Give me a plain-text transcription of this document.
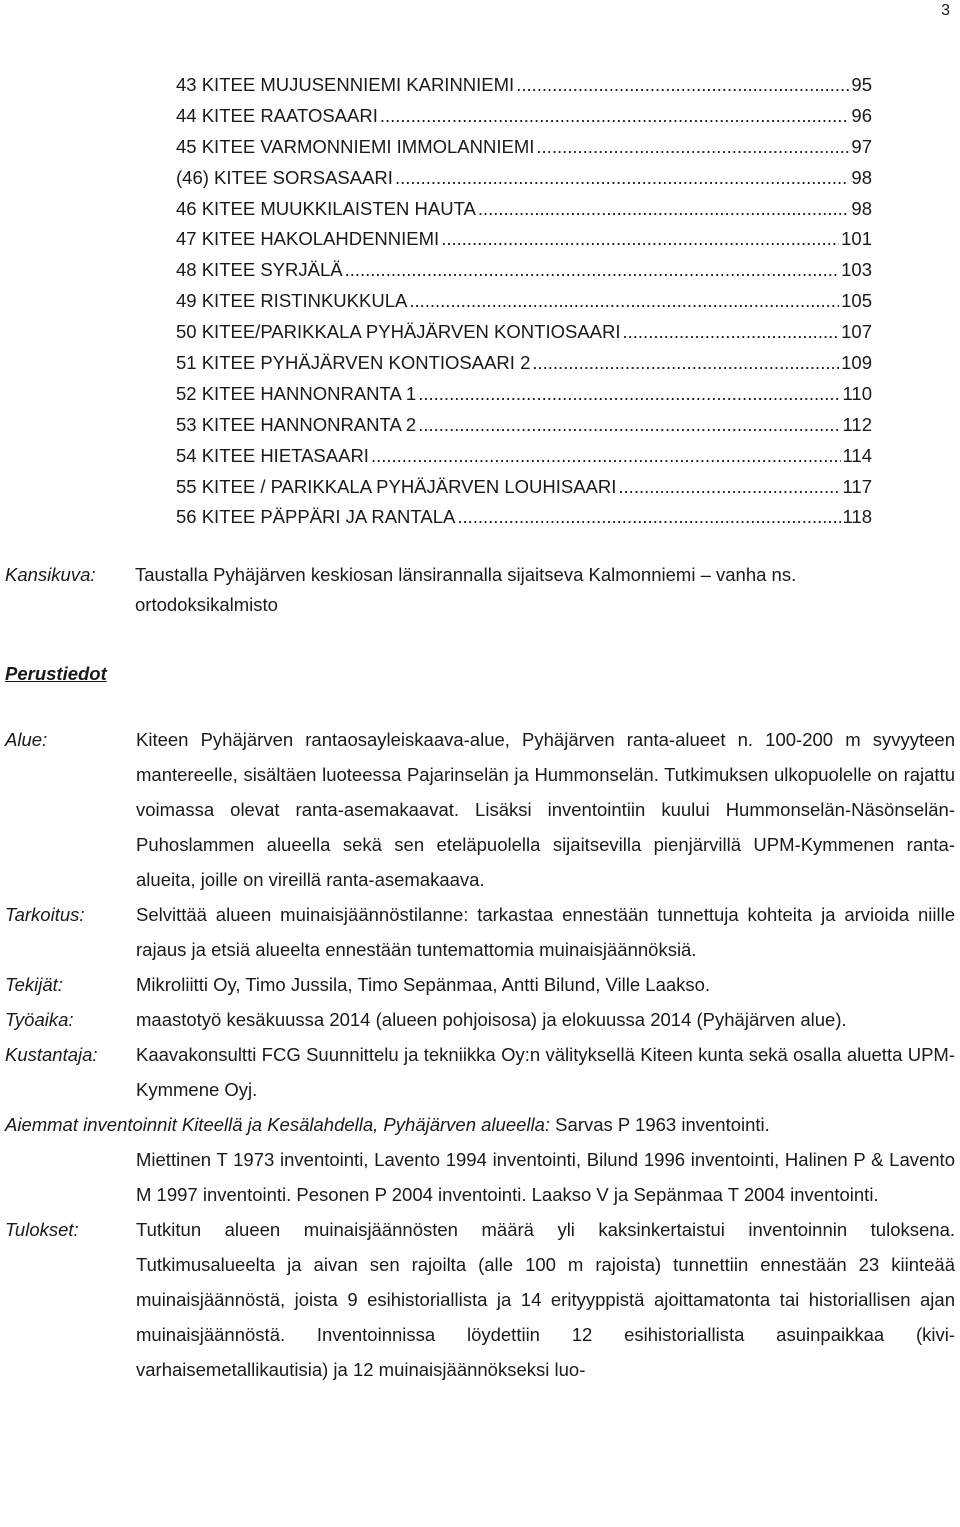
3
43 KITEE MUJUSENNIEMI KARINNIEMI .....	95
44 KITEE RAATOSAARI .....	96
45 KITEE VARMONNIEMI IMMOLANNIEMI .....	97
(46) KITEE SORSASAARI .....	98
46 KITEE MUUKKILAISTEN HAUTA .....	98
47 KITEE HAKOLAHDENNIEMI .....	101
48 KITEE SYRJÄLÄ .....	103
49 KITEE RISTINKUKKULA .....	105
50 KITEE/PARIKKALA PYHÄJÄRVEN KONTIOSAARI .....	107
51 KITEE PYHÄJÄRVEN KONTIOSAARI 2 .....	109
52 KITEE HANNONRANTA 1 .....	110
53 KITEE HANNONRANTA 2 .....	112
54 KITEE HIETASAARI .....	114
55 KITEE / PARIKKALA PYHÄJÄRVEN LOUHISAARI .....	117
56 KITEE PÄPPÄRI JA RANTALA .....	118
Kansikuva:	Taustalla Pyhäjärven keskiosan länsirannalla sijaitseva Kalmonniemi – vanha ns.
ortodoksikalmisto
Perustiedot
Alue:	Kiteen Pyhäjärven rantaosayleiskaava-alue, Pyhäjärven ranta-alueet n. 100-200 m syvyyteen mantereelle, sisältäen luoteessa Pajarinselän ja Hummonselän. Tutkimuksen ulkopuolelle on rajattu voimassa olevat ranta-asemakaavat. Lisäksi inventointiin kuului Hummonselän-Näsönselän-Puhoslammen alueella sekä sen eteläpuolella sijaitsevilla pienjärvillä UPM-Kymmenen ranta-alueita, joille on vireillä ranta-asemakaava.
Tarkoitus:	Selvittää alueen muinaisjäännöstilanne: tarkastaa ennestään tunnettuja kohteita ja arvioida niille rajaus ja etsiä alueelta ennestään tuntemattomia muinaisjäännöksiä.
Tekijät:	Mikroliitti Oy, Timo Jussila, Timo Sepänmaa, Antti Bilund, Ville Laakso.
Työaika:	maastotyö kesäkuussa 2014 (alueen pohjoisosa) ja elokuussa 2014 (Pyhäjärven alue).
Kustantaja:	Kaavakonsultti FCG Suunnittelu ja tekniikka Oy:n välityksellä Kiteen kunta sekä osalla aluetta UPM-Kymmene Oyj.
Aiemmat inventoinnit Kiteellä ja Kesälahdella, Pyhäjärven alueella: Sarvas P 1963 inventointi.
Miettinen T 1973 inventointi, Lavento 1994 inventointi, Bilund 1996 inventointi, Halinen P & Lavento M 1997 inventointi. Pesonen P 2004 inventointi. Laakso V ja Sepänmaa T 2004 inventointi.
Tulokset:	Tutkitun alueen muinaisjäännösten määrä yli kaksinkertaistui inventoinnin tuloksena. Tutkimusalueelta ja aivan sen rajoilta (alle 100 m rajoista) tunnettiin ennestään 23 kiinteää muinaisjäännöstä, joista 9 esihistoriallista ja 14 erityyppistä ajoittamatonta tai historiallisen ajan muinaisjäännöstä. Inventoinnissa löydettiin 12 esihistoriallista asuinpaikkaa (kivi-varhaisemetallikautisia) ja 12 muinaisjäännökseksi luo-
